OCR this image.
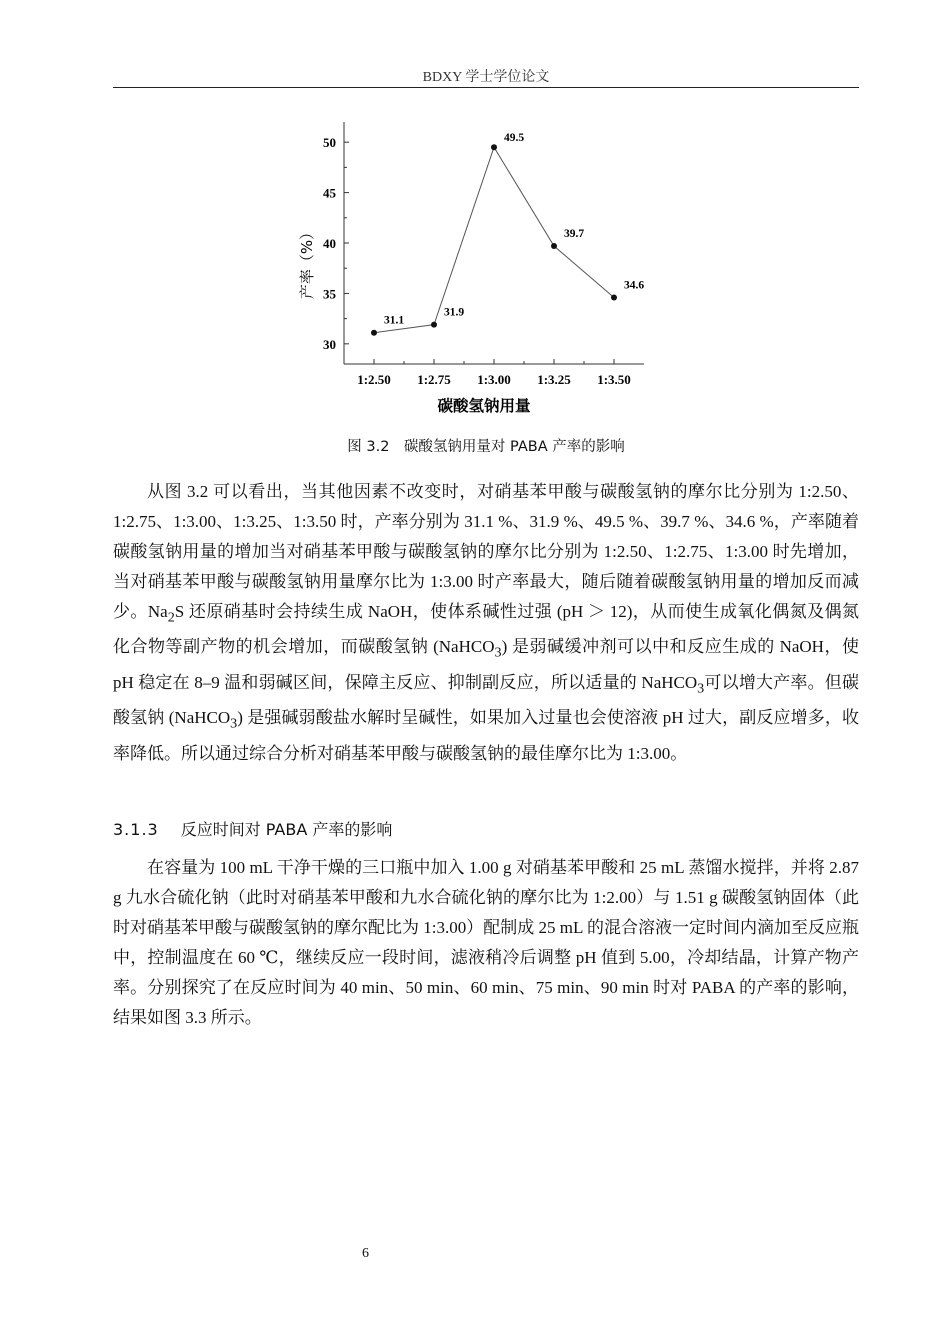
BDXY 学士学位论文
30
35
40
45
50
1:2.50 1:2.75 1:3.00 1:3.25 1:3.50
31.1
31.9
49.5
39.7
34.6
产率（%）
碳酸氢钠用量
图 3.2　碳酸氢钠用量对 PABA 产率的影响

从图 3.2 可以看出，当其他因素不改变时，对硝基苯甲酸与碳酸氢钠的摩尔比分别为 1:2.50、1:2.75、1:3.00、1:3.25、1:3.50 时，产率分别为 31.1 %、31.9 %、49.5 %、39.7 %、34.6 %，产率随着碳酸氢钠用量的增加当对硝基苯甲酸与碳酸氢钠的摩尔比分别为 1:2.50、1:2.75、1:3.00 时先增加，当对硝基苯甲酸与碳酸氢钠用量摩尔比为 1:3.00 时产率最大，随后随着碳酸氢钠用量的增加反而减少。$Na_2S$ 还原硝基时会持续生成 NaOH，使体系碱性过强 (pH ＞ 12)，从而使生成氧化偶氮及偶氮化合物等副产物的机会增加，而碳酸氢钠 (NaHCO$_3$) 是弱碱缓冲剂可以中和反应生成的 NaOH，使 pH 稳定在 8–9 温和弱碱区间，保障主反应、抑制副反应，所以适量的 NaHCO$_3$可以增大产率。但碳酸氢钠 (NaHCO$_3$) 是强碱弱酸盐水解时呈碱性，如果加入过量也会使溶液 pH 过大，副反应增多，收率降低。所以通过综合分析对硝基苯甲酸与碳酸氢钠的最佳摩尔比为 1:3.00。

3.1.3 反应时间对 PABA 产率的影响

在容量为 100 mL 干净干燥的三口瓶中加入 1.00 g 对硝基苯甲酸和 25 mL 蒸馏水搅拌，并将 2.87 g 九水合硫化钠（此时对硝基苯甲酸和九水合硫化钠的摩尔比为 1:2.00）与 1.51 g 碳酸氢钠固体（此时对硝基苯甲酸与碳酸氢钠的摩尔配比为 1:3.00）配制成 25 mL 的混合溶液一定时间内滴加至反应瓶中，控制温度在 60 ℃，继续反应一段时间，滤液稍冷后调整 pH 值到 5.00，冷却结晶，计算产物产率。分别探究了在反应时间为 40 min、50 min、60 min、75 min、90 min 时对 PABA 的产率的影响，结果如图 3.3 所示。

6
